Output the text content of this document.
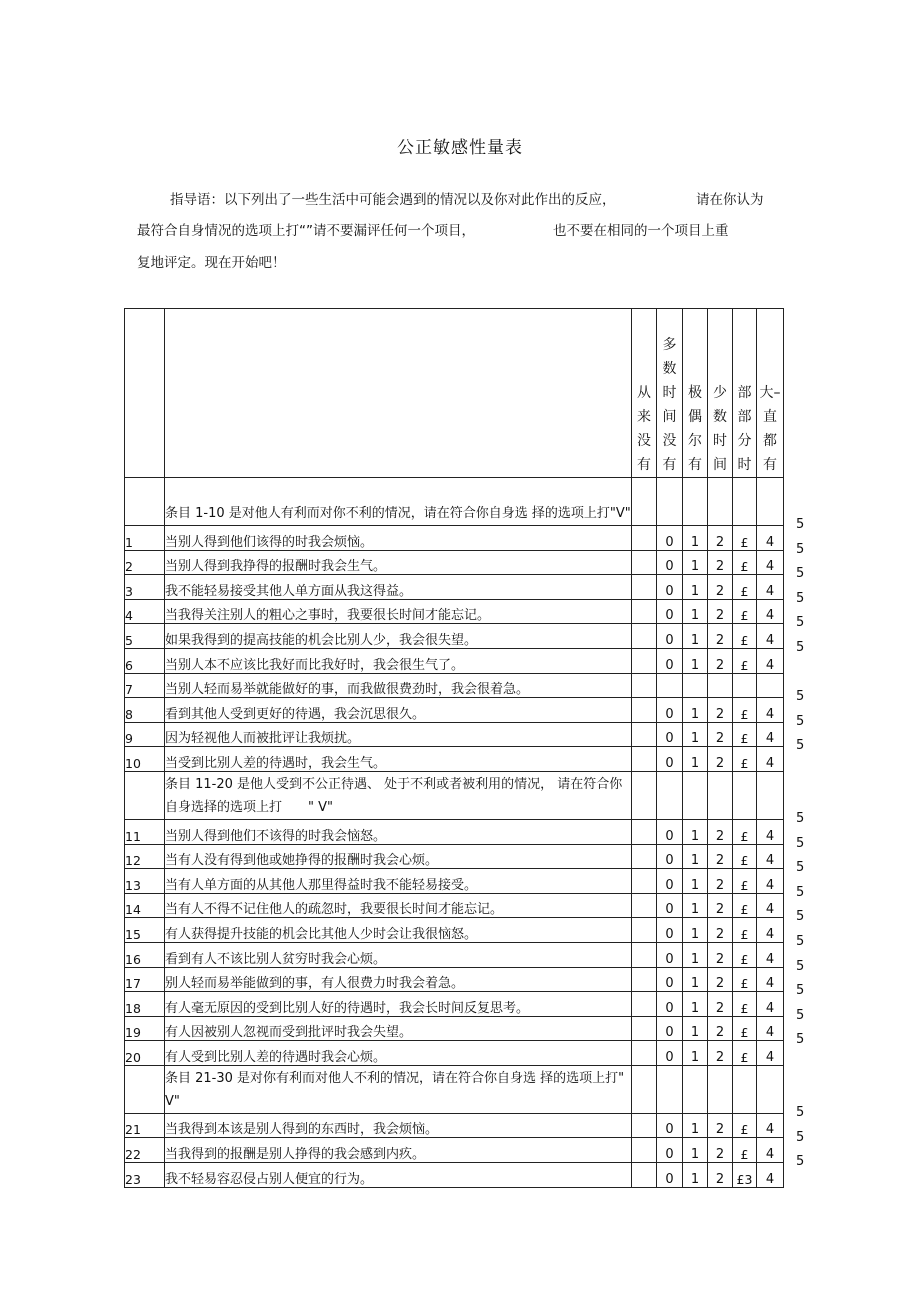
公正敏感性量表
指导语：以下列出了一些生活中可能会遇到的情况以及你对此作出的反应，	请在你认为
最符合自身情况的选项上打“”请不要漏评任何一个项目，	也不要在相同的一个项目上重
复地评定。现在开始吧！
		从来没有	多数时间没有	极偶尔有	少数时间	部部分时	大–直都有
	条目 1-10 是对他人有利而对你不利的情况，请在符合你自身选 择的选项上打"V"						
1	当别人得到他们该得的时我会烦恼。		0	1	2	£	4
2	当别人得到我挣得的报酬时我会生气。		0	1	2	£	4
3	我不能轻易接受其他人单方面从我这得益。		0	1	2	£	4
4	当我得关注别人的粗心之事时，我要很长时间才能忘记。		0	1	2	£	4
5	如果我得到的提高技能的机会比别人少，我会很失望。		0	1	2	£	4
6	当别人本不应该比我好而比我好时，我会很生气了。		0	1	2	£	4
7	当别人轻而易举就能做好的事，而我做很费劲时，我会很着急。						
8	看到其他人受到更好的待遇，我会沉思很久。		0	1	2	£	4
9	因为轻视他人而被批评让我烦扰。		0	1	2	£	4
10	当受到比别人差的待遇时，我会生气。		0	1	2	£	4
	条目 11-20 是他人受到不公正待遇、 处于不利或者被利用的情况， 请在符合你自身选择的选项上打　　" V"						
11	当别人得到他们不该得的时我会恼怒。		0	1	2	£	4
12	当有人没有得到他或她挣得的报酬时我会心烦。		0	1	2	£	4
13	当有人单方面的从其他人那里得益时我不能轻易接受。		0	1	2	£	4
14	当有人不得不记住他人的疏忽时，我要很长时间才能忘记。		0	1	2	£	4
15	有人获得提升技能的机会比其他人少时会让我很恼怒。		0	1	2	£	4
16	看到有人不该比别人贫穷时我会心烦。		0	1	2	£	4
17	别人轻而易举能做到的事，有人很费力时我会着急。		0	1	2	£	4
18	有人毫无原因的受到比别人好的待遇时，我会长时间反复思考。		0	1	2	£	4
19	有人因被别人忽视而受到批评时我会失望。		0	1	2	£	4
20	有人受到比别人差的待遇时我会心烦。		0	1	2	£	4
	条目 21-30 是对你有利而对他人不利的情况，请在符合你自身选 择的选项上打" V"						
21	当我得到本该是别人得到的东西时，我会烦恼。		0	1	2	£	4
22	当我得到的报酬是别人挣得的我会感到内疚。		0	1	2	£	4
23	我不轻易容忍侵占别人便宜的行为。		0	1	2	£3	4
5
5
5
5
5
5
5
5
5
5
5
5
5
5
5
5
5
5
5
5
5
5
